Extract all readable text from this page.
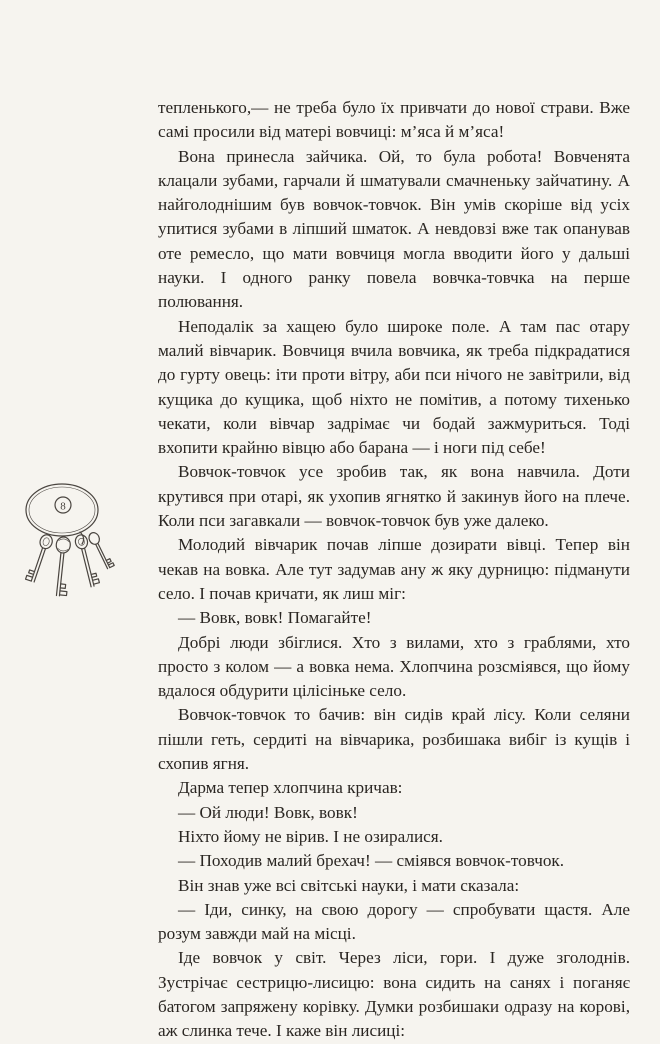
8

тепленького,— не треба було їх привчати до нової страви. Вже самі просили від матері вовчиці: м’яса й м’яса!

Вона принесла зайчика. Ой, то була робота! Вовченята клацали зубами, гарчали й шматували смачненьку зайчатину. А найголоднішим був вовчок-товчок. Він умів скоріше від усіх упитися зубами в ліпший шматок. А невдовзі вже так опанував оте ремесло, що мати вовчиця могла вводити його у дальші науки. І одного ранку повела вовчка-товчка на перше полювання.

Неподалік за хащею було широке поле. А там пас отару малий вівчарик. Вовчиця вчила вовчика, як треба підкрадатися до гурту овець: іти проти вітру, аби пси нічого не завітрили, від кущика до кущика, щоб ніхто не помітив, а потому тихенько чекати, коли вівчар задрімає чи бодай зажмуриться. Тоді вхопити крайню вівцю або барана — і ноги під себе!

Вовчок-товчок усе зробив так, як вона навчила. Доти крутився при отарі, як ухопив ягнятко й закинув його на плече. Коли пси загавкали — вовчок-товчок був уже далеко.

Молодий вівчарик почав ліпше дозирати вівці. Тепер він чекав на вовка. Але тут задумав ану ж яку дурницю: підманути село. І почав кричати, як лиш міг:

— Вовк, вовк! Помагайте!

Добрі люди збіглися. Хто з вилами, хто з граблями, хто просто з колом — а вовка нема. Хлопчина розсміявся, що йому вдалося обдурити цілісіньке село.

Вовчок-товчок то бачив: він сидів край лісу. Коли селяни пішли геть, сердиті на вівчарика, розбишака вибіг із кущів і схопив ягня.

Дарма тепер хлопчина кричав:

— Ой люди! Вовк, вовк!

Ніхто йому не вірив. І не озиралися.

— Походив малий брехач! — сміявся вовчок-товчок.

Він знав уже всі світські науки, і мати сказала:

— Іди, синку, на свою дорогу — спробувати щастя. Але розум завжди май на місці.

Іде вовчок у світ. Через ліси, гори. І дуже зголоднів. Зустрічає сестрицю-лисицю: вона сидить на санях і поганяє батогом запряжену корівку. Думки розбишаки одразу на корові, аж слинка тече. І каже він лисиці:
